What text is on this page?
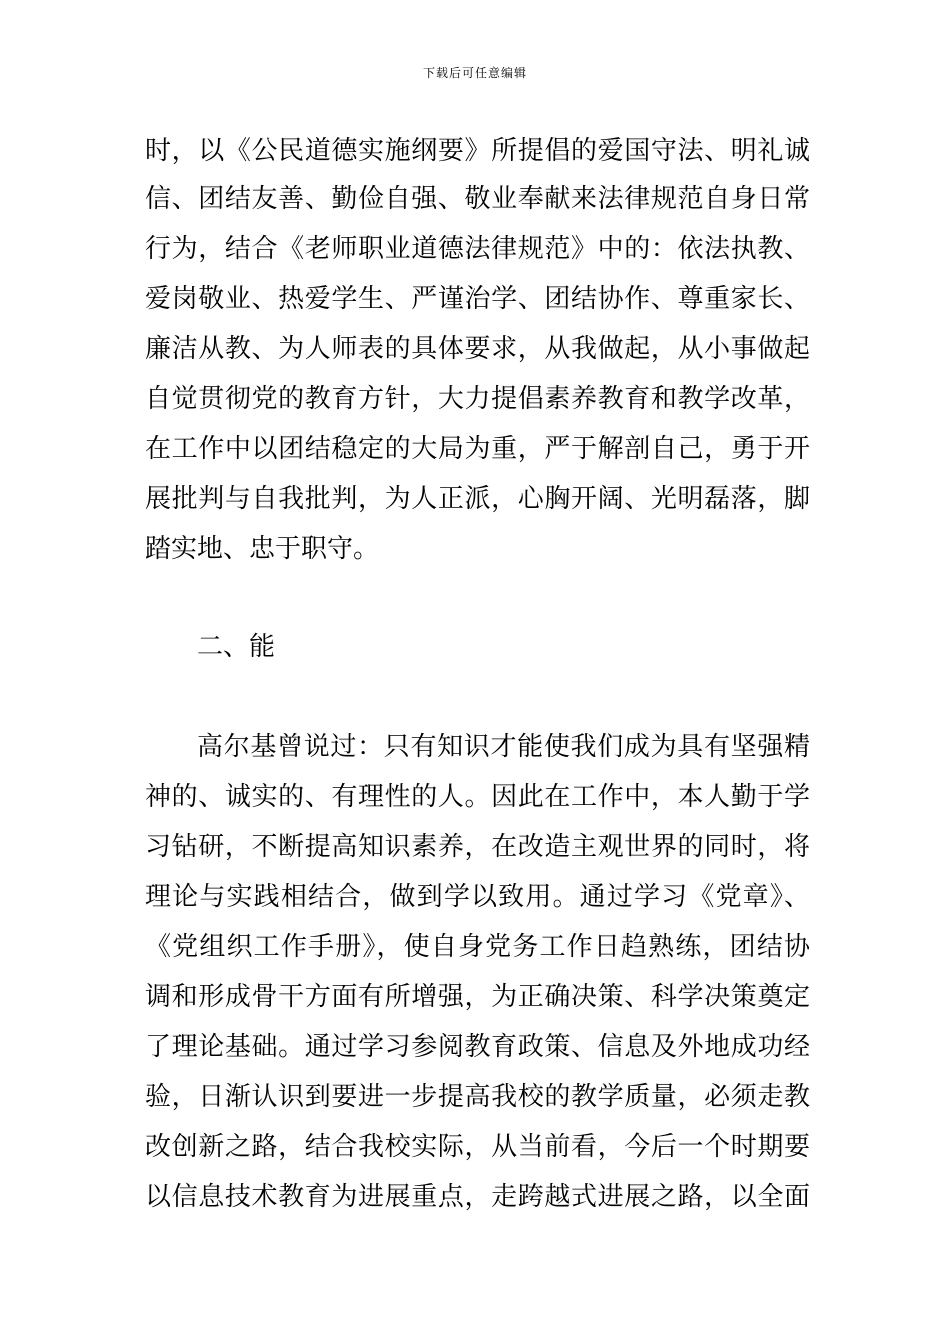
下载后可任意编辑
时，以《公民道德实施纲要》所提倡的爱国守法、明礼诚
信、团结友善、勤俭自强、敬业奉献来法律规范自身日常
行为，结合《老师职业道德法律规范》中的：依法执教、
爱岗敬业、热爱学生、严谨治学、团结协作、尊重家长、
廉洁从教、为人师表的具体要求，从我做起，从小事做起
自觉贯彻党的教育方针，大力提倡素养教育和教学改革，
在工作中以团结稳定的大局为重，严于解剖自己，勇于开
展批判与自我批判，为人正派，心胸开阔、光明磊落，脚
踏实地、忠于职守。
二、能
高尔基曾说过：只有知识才能使我们成为具有坚强精
神的、诚实的、有理性的人。因此在工作中，本人勤于学
习钻研，不断提高知识素养，在改造主观世界的同时，将
理论与实践相结合，做到学以致用。通过学习《党章》、
《党组织工作手册》，使自身党务工作日趋熟练，团结协
调和形成骨干方面有所增强，为正确决策、科学决策奠定
了理论基础。通过学习参阅教育政策、信息及外地成功经
验，日渐认识到要进一步提高我校的教学质量，必须走教
改创新之路，结合我校实际，从当前看，今后一个时期要
以信息技术教育为进展重点，走跨越式进展之路，以全面
